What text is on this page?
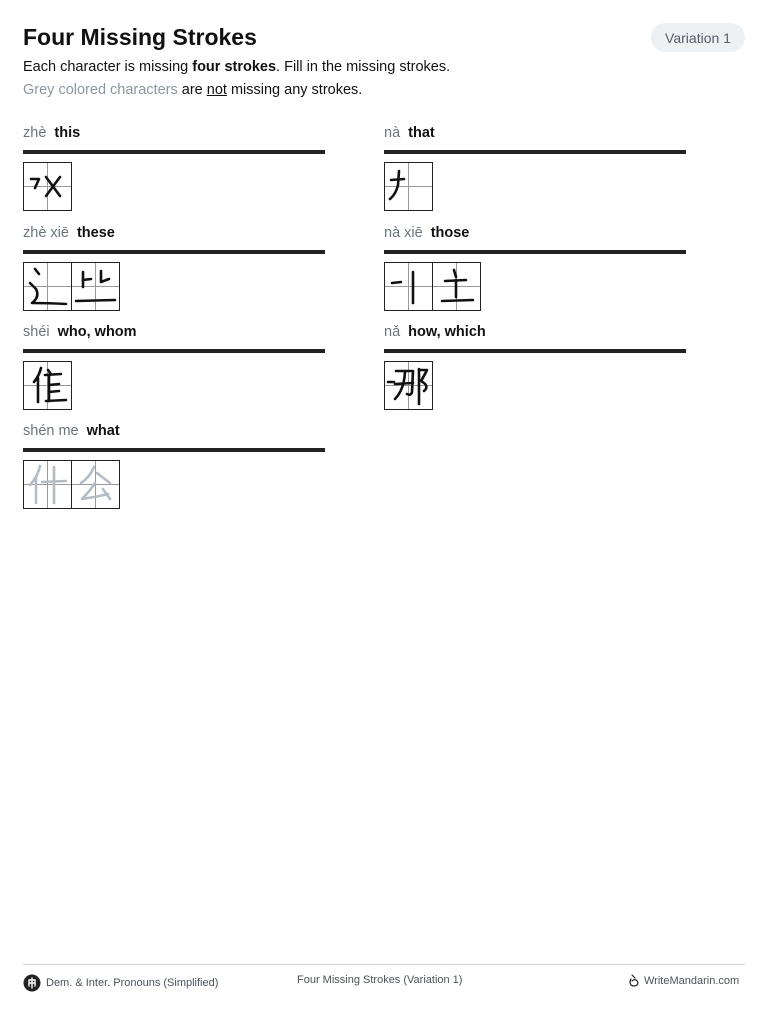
Four Missing Strokes	Variation 1
Each character is missing four strokes. Fill in the missing strokes.
Grey colored characters are not missing any strokes.
zhè this	nà that
zhè xiē these	nà xiē those
shéi who, whom	nǎ how, which
shén me what
Dem. & Inter. Pronouns (Simplified)	Four Missing Strokes (Variation 1)	WriteMandarin.com
